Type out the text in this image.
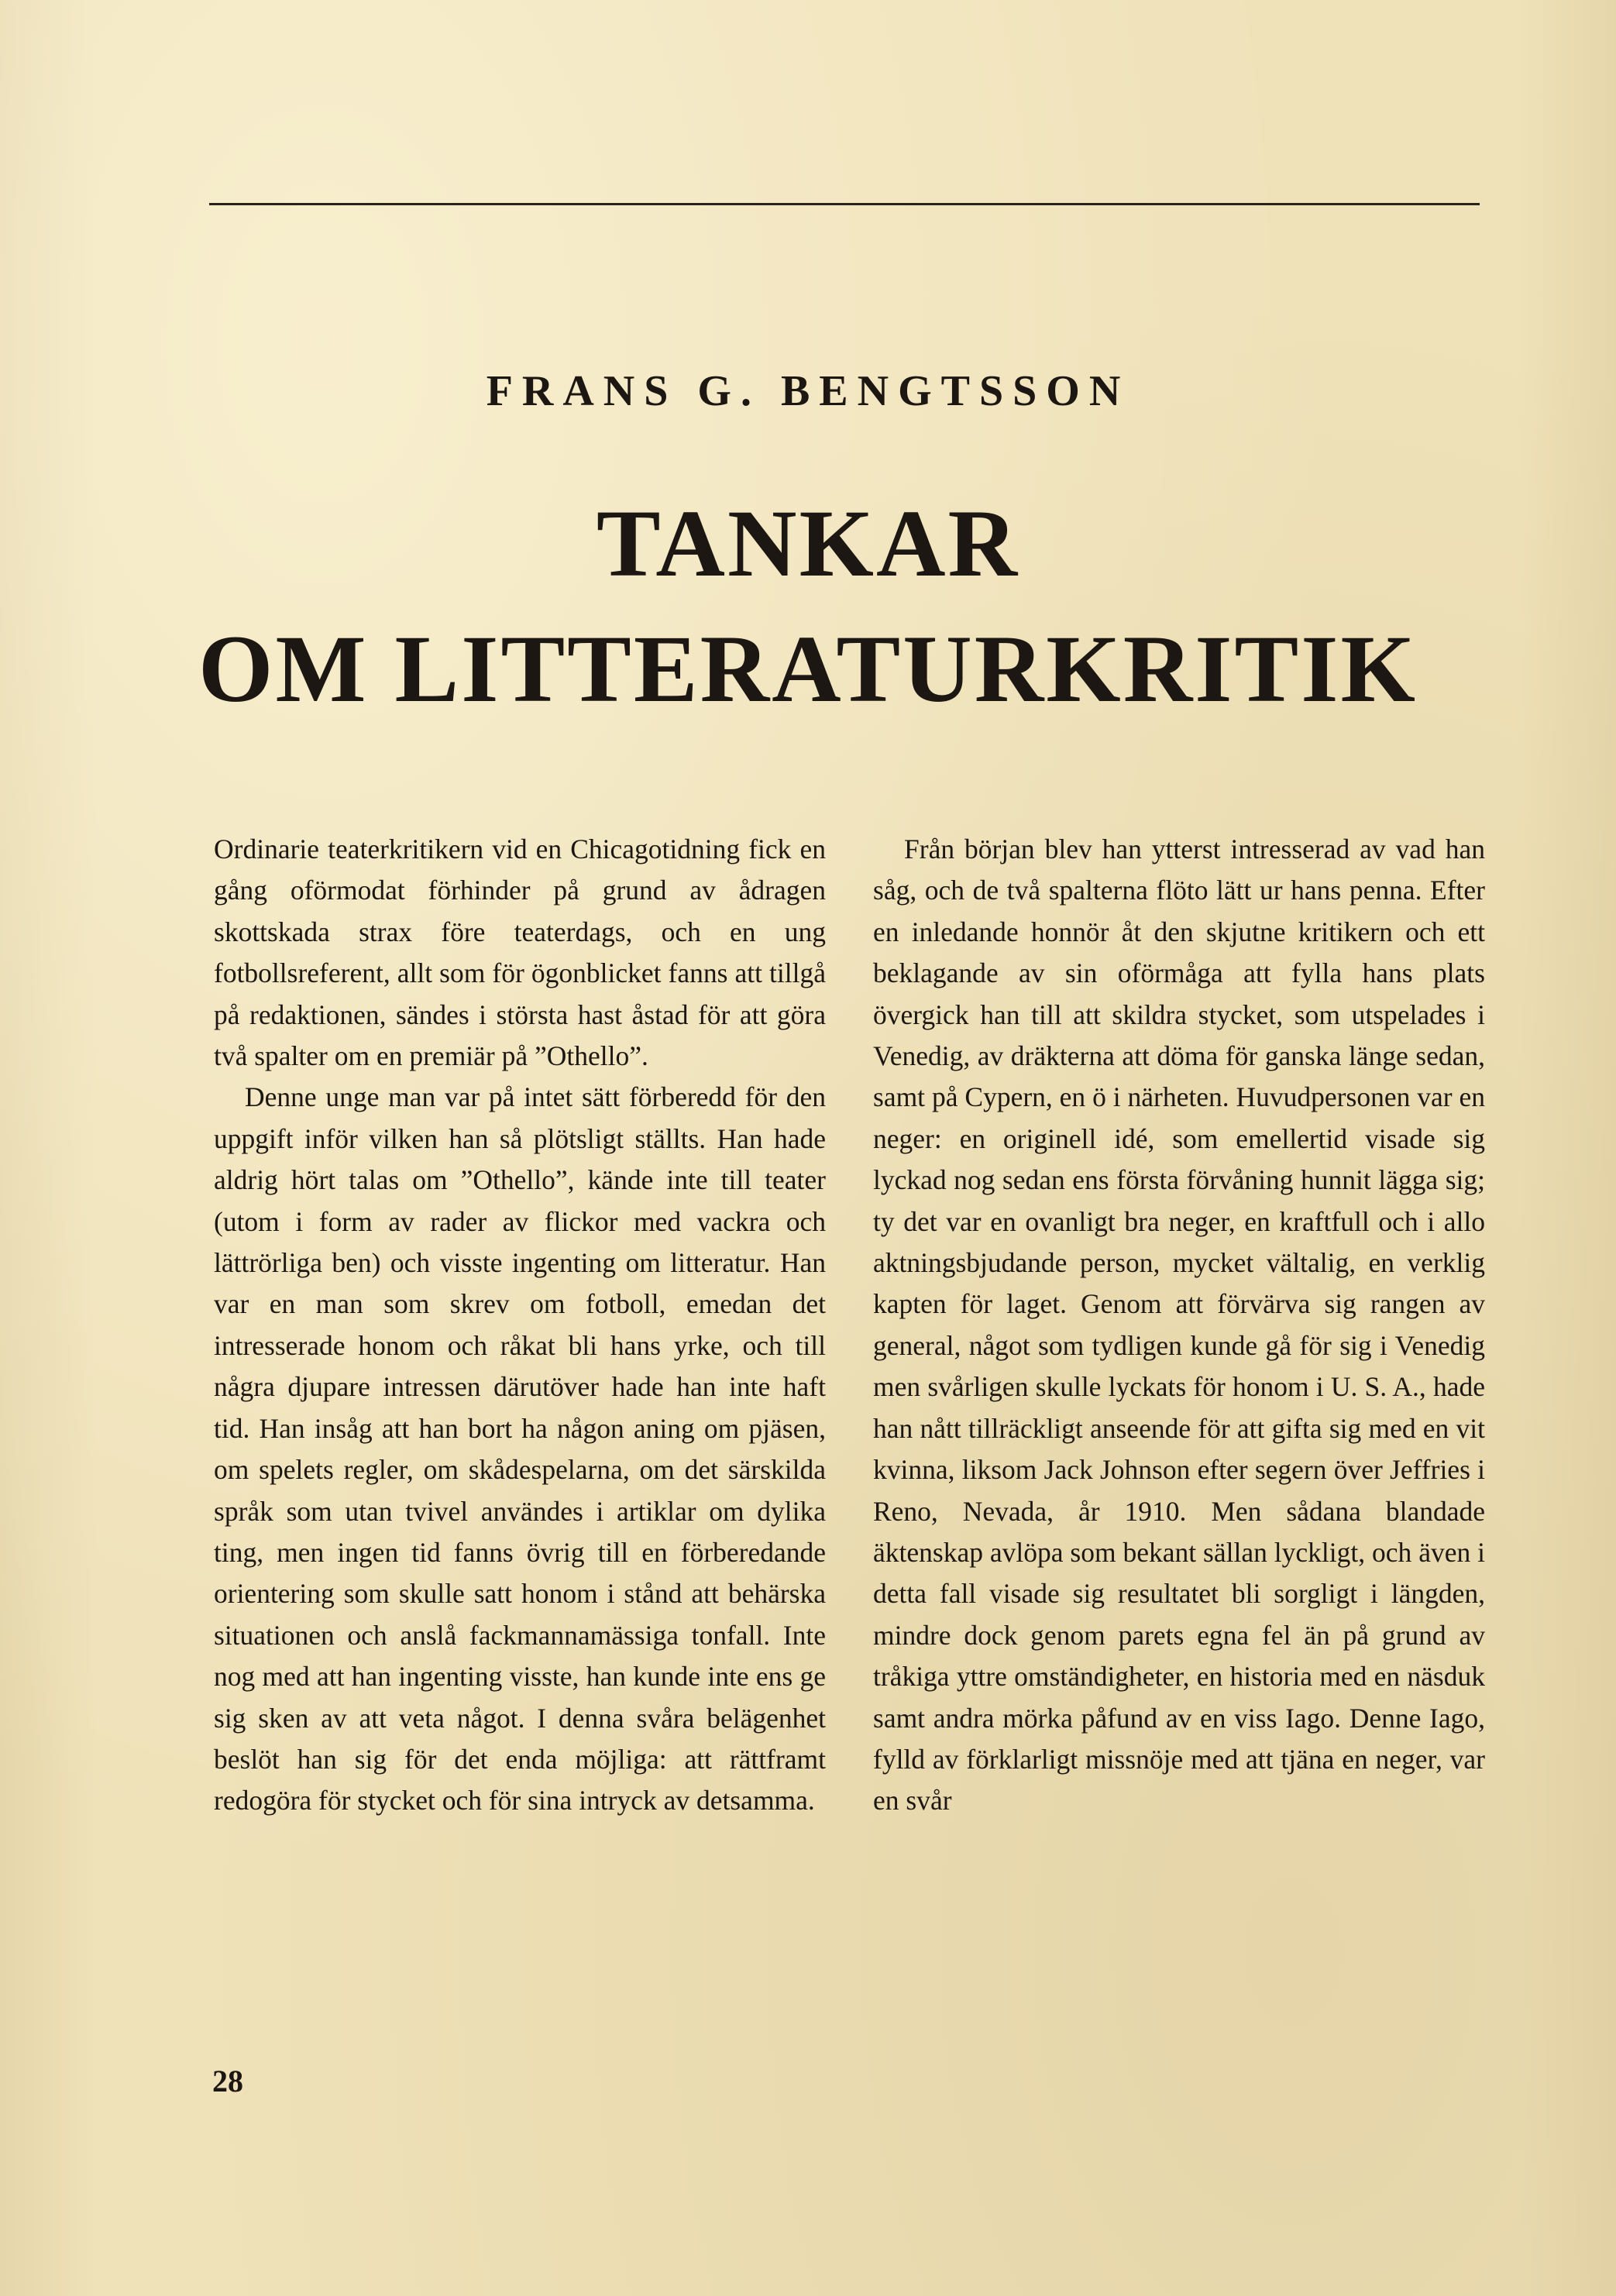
FRANS G. BENGTSSON
TANKAR
OM LITTERATURKRITIK

Ordinarie teaterkritikern vid en Chicagotidning fick en gång oförmodat förhinder på grund av ådragen skottskada strax före teaterdags, och en ung fotbollsreferent, allt som för ögonblicket fanns att tillgå på redaktionen, sändes i största hast åstad för att göra två spalter om en premiär på ”Othello”.

Denne unge man var på intet sätt förberedd för den uppgift inför vilken han så plötsligt ställts. Han hade aldrig hört talas om ”Othello”, kände inte till teater (utom i form av rader av flickor med vackra och lättrörliga ben) och visste ingenting om litteratur. Han var en man som skrev om fotboll, emedan det intresserade honom och råkat bli hans yrke, och till några djupare intressen därutöver hade han inte haft tid. Han insåg att han bort ha någon aning om pjäsen, om spelets regler, om skådespelarna, om det särskilda språk som utan tvivel användes i artiklar om dylika ting, men ingen tid fanns övrig till en förberedande orientering som skulle satt honom i stånd att behärska situationen och anslå fackmannamässiga tonfall. Inte nog med att han ingenting visste, han kunde inte ens ge sig sken av att veta något. I denna svåra belägenhet beslöt han sig för det enda möjliga: att rättframt redogöra för stycket och för sina intryck av detsamma.

Från början blev han ytterst intresserad av vad han såg, och de två spalterna flöto lätt ur hans penna. Efter en inledande honnör åt den skjutne kritikern och ett beklagande av sin oförmåga att fylla hans plats övergick han till att skildra stycket, som utspelades i Venedig, av dräkterna att döma för ganska länge sedan, samt på Cypern, en ö i närheten. Huvudpersonen var en neger: en originell idé, som emellertid visade sig lyckad nog sedan ens första förvåning hunnit lägga sig; ty det var en ovanligt bra neger, en kraftfull och i allo aktningsbjudande person, mycket vältalig, en verklig kapten för laget. Genom att förvärva sig rangen av general, något som tydligen kunde gå för sig i Venedig men svårligen skulle lyckats för honom i U. S. A., hade han nått tillräckligt anseende för att gifta sig med en vit kvinna, liksom Jack Johnson efter segern över Jeffries i Reno, Nevada, år 1910. Men sådana blandade äktenskap avlöpa som bekant sällan lyckligt, och även i detta fall visade sig resultatet bli sorgligt i längden, mindre dock genom parets egna fel än på grund av tråkiga yttre omständigheter, en historia med en näsduk samt andra mörka påfund av en viss Iago. Denne Iago, fylld av förklarligt missnöje med att tjäna en neger, var en svår

28
